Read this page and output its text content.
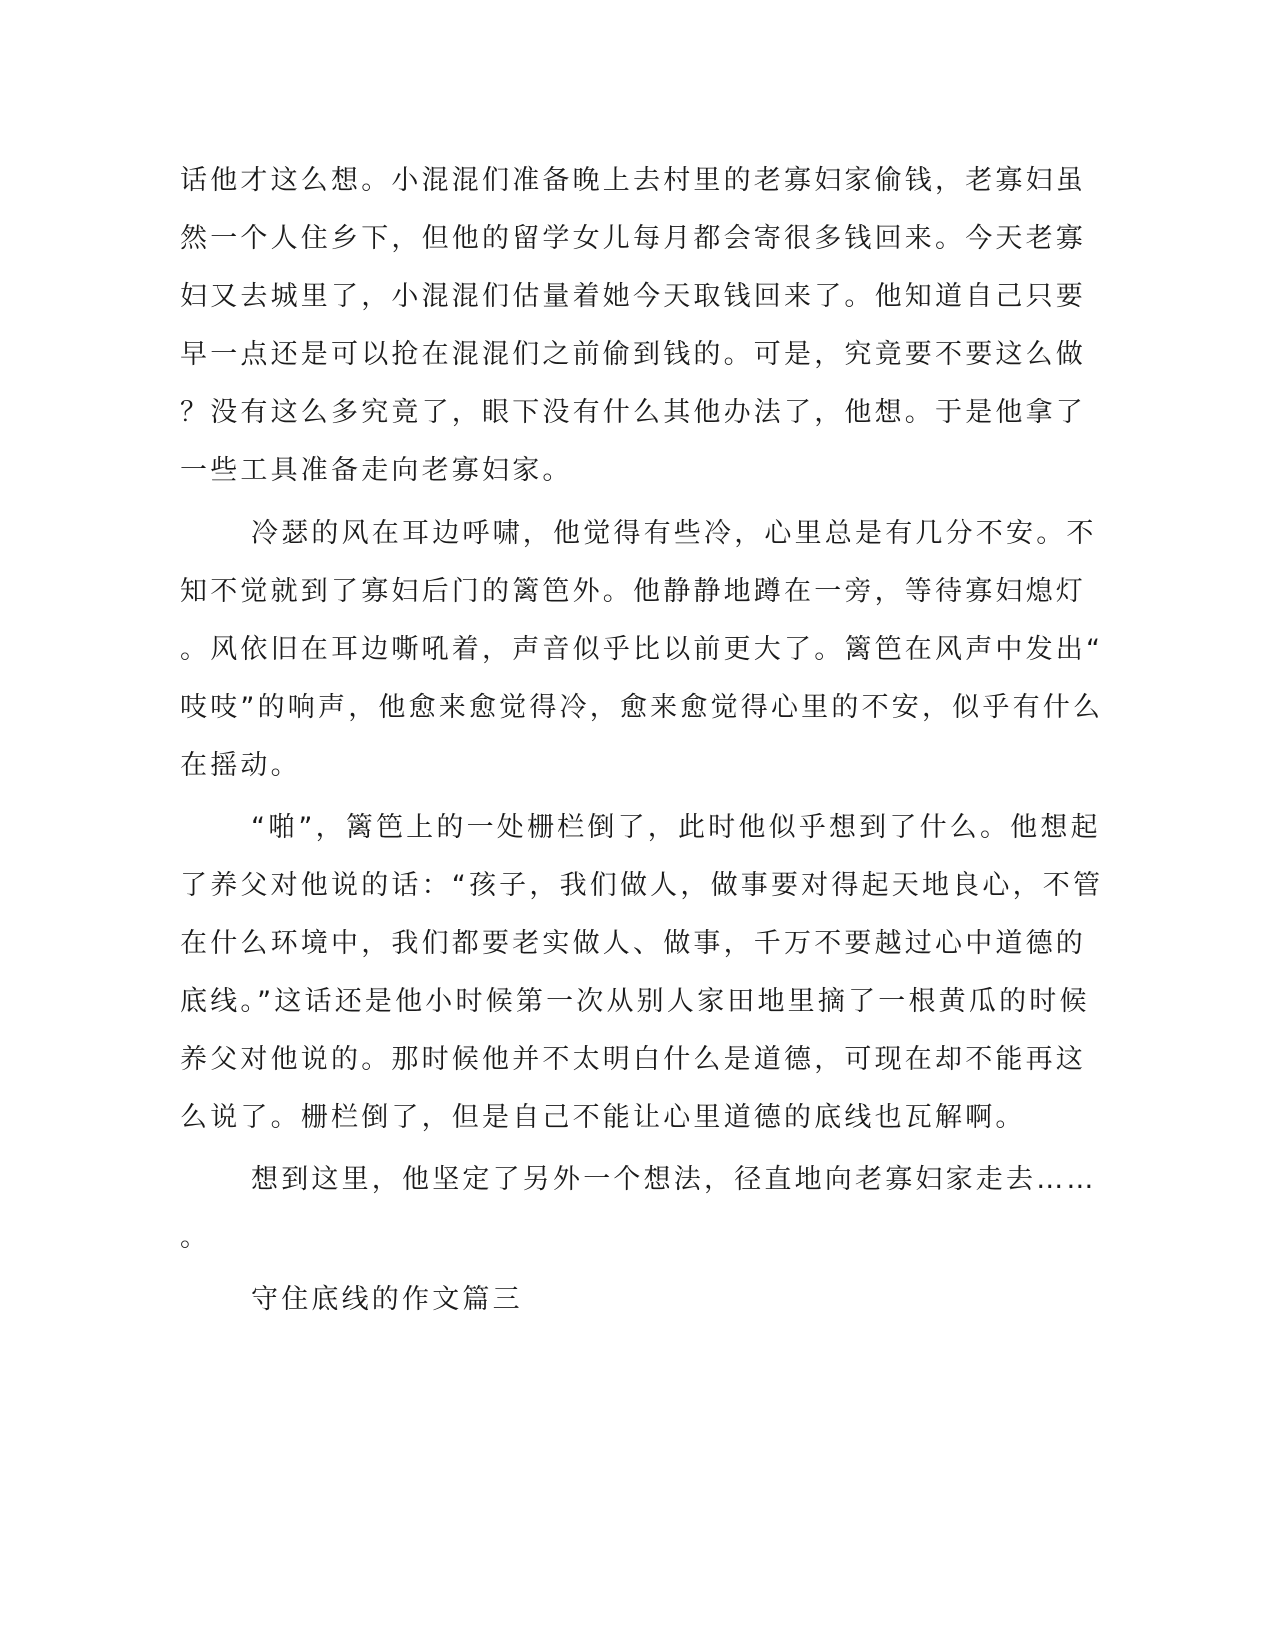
话他才这么想。小混混们准备晚上去村里的老寡妇家偷钱，老寡妇虽
然一个人住乡下，但他的留学女儿每月都会寄很多钱回来。今天老寡
妇又去城里了，小混混们估量着她今天取钱回来了。他知道自己只要
早一点还是可以抢在混混们之前偷到钱的。可是，究竟要不要这么做
？没有这么多究竟了，眼下没有什么其他办法了，他想。于是他拿了
一些工具准备走向老寡妇家。
冷瑟的风在耳边呼啸，他觉得有些冷，心里总是有几分不安。不
知不觉就到了寡妇后门的篱笆外。他静静地蹲在一旁，等待寡妇熄灯
。风依旧在耳边嘶吼着，声音似乎比以前更大了。篱笆在风声中发出“
吱吱”的响声，他愈来愈觉得冷，愈来愈觉得心里的不安，似乎有什么
在摇动。
“啪”，篱笆上的一处栅栏倒了，此时他似乎想到了什么。他想起
了养父对他说的话：“孩子，我们做人，做事要对得起天地良心，不管
在什么环境中，我们都要老实做人、做事，千万不要越过心中道德的
底线。”这话还是他小时候第一次从别人家田地里摘了一根黄瓜的时候
养父对他说的。那时候他并不太明白什么是道德，可现在却不能再这
么说了。栅栏倒了，但是自己不能让心里道德的底线也瓦解啊。
想到这里，他坚定了另外一个想法，径直地向老寡妇家走去……
。
守住底线的作文篇三
